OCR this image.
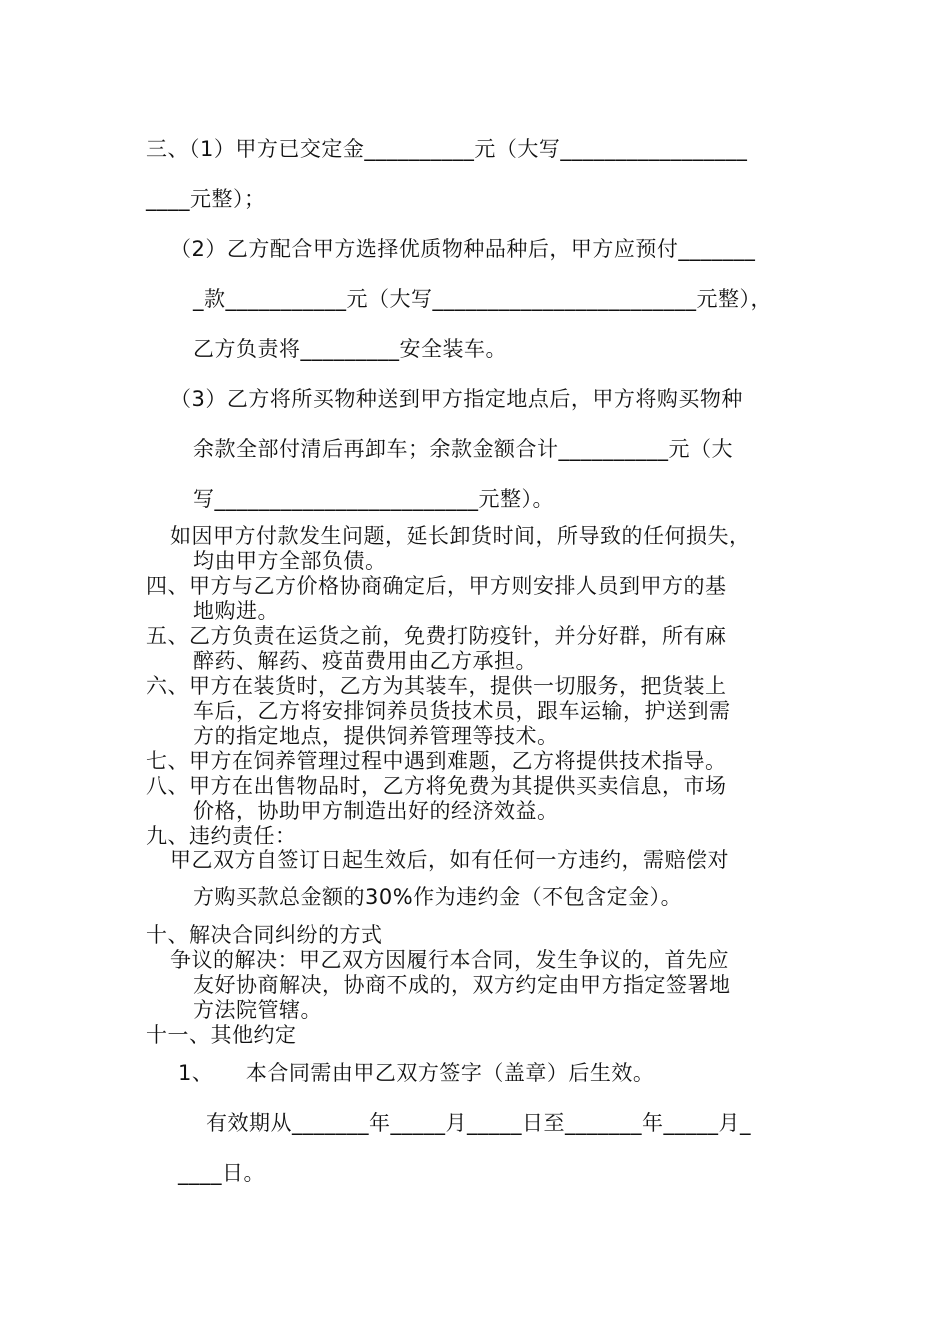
三、（1）甲方已交定金__________元（大写_________________
____元整）；
（2）乙方配合甲方选择优质物种品种后，甲方应预付_______
_款___________元（大写________________________元整），
乙方负责将_________安全装车。
（3）乙方将所买物种送到甲方指定地点后，甲方将购买物种
余款全部付清后再卸车；余款金额合计__________元（大
写________________________元整）。
如因甲方付款发生问题，延长卸货时间，所导致的任何损失，
均由甲方全部负债。
四、甲方与乙方价格协商确定后，甲方则安排人员到甲方的基
地购进。
五、乙方负责在运货之前，免费打防疫针，并分好群，所有麻
醉药、解药、疫苗费用由乙方承担。
六、甲方在装货时，乙方为其装车，提供一切服务，把货装上
车后，乙方将安排饲养员货技术员，跟车运输，护送到需
方的指定地点，提供饲养管理等技术。
七、甲方在饲养管理过程中遇到难题，乙方将提供技术指导。
八、甲方在出售物品时，乙方将免费为其提供买卖信息，市场
价格，协助甲方制造出好的经济效益。
九、违约责任：
甲乙双方自签订日起生效后，如有任何一方违约，需赔偿对
方购买款总金额的30%作为违约金（不包含定金）。
十、解决合同纠纷的方式
争议的解决：甲乙双方因履行本合同，发生争议的，首先应
友好协商解决，协商不成的，双方约定由甲方指定签署地
方法院管辖。
十一、其他约定
1、　　本合同需由甲乙双方签字（盖章）后生效。
有效期从_______年_____月_____日至_______年_____月_
____日。
